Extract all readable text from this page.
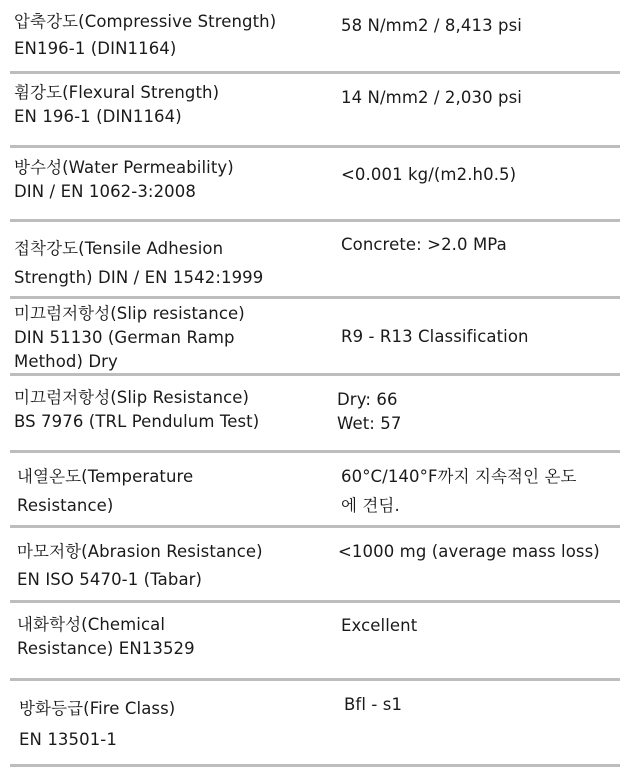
압축강도(Compressive Strength)
EN196-1 (DIN1164)
58 N/mm2 / 8,413 psi
휨강도(Flexural Strength)
EN 196-1 (DIN1164)
14 N/mm2 / 2,030 psi
방수성(Water Permeability)
DIN / EN 1062-3:2008
<0.001 kg/(m2.h0.5)
접착강도(Tensile Adhesion
Strength) DIN / EN 1542:1999
Concrete: >2.0 MPa
미끄럼저항성(Slip resistance)
DIN 51130 (German Ramp
Method) Dry
R9 - R13 Classification
미끄럼저항성(Slip Resistance)
BS 7976 (TRL Pendulum Test)
Dry: 66
Wet: 57
내열온도(Temperature
Resistance)
60°C/140°F까지 지속적인 온도
에 견딤.
마모저항(Abrasion Resistance)
EN ISO 5470-1 (Tabar)
<1000 mg (average mass loss)
내화학성(Chemical
Resistance) EN13529
Excellent
방화등급(Fire Class)
EN 13501-1
Bfl - s1
